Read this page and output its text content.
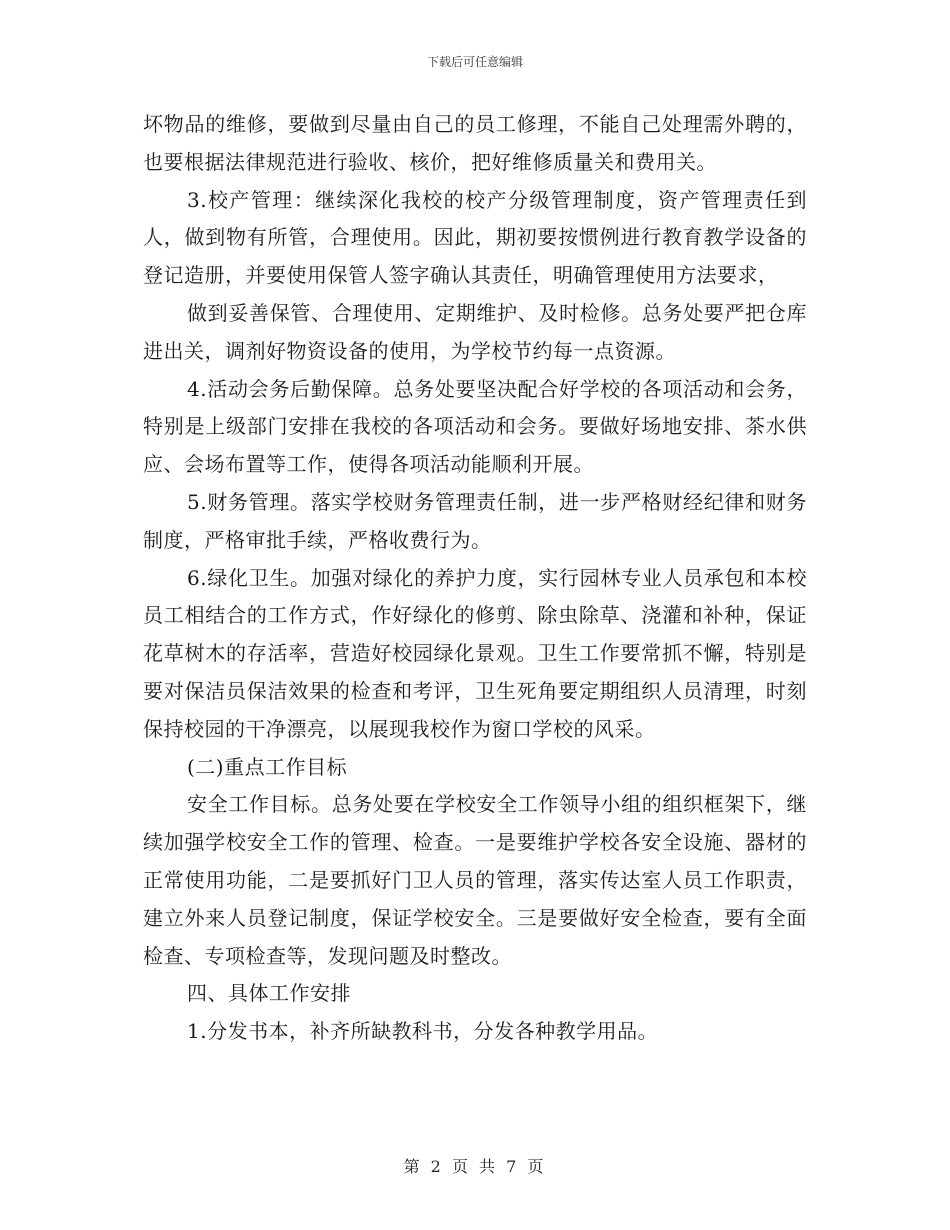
下载后可任意编辑

坏物品的维修，要做到尽量由自己的员工修理，不能自己处理需外聘的，也要根据法律规范进行验收、核价，把好维修质量关和费用关。

3.校产管理：继续深化我校的校产分级管理制度，资产管理责任到人，做到物有所管，合理使用。因此，期初要按惯例进行教育教学设备的登记造册，并要使用保管人签字确认其责任，明确管理使用方法要求，

做到妥善保管、合理使用、定期维护、及时检修。总务处要严把仓库进出关，调剂好物资设备的使用，为学校节约每一点资源。

4.活动会务后勤保障。总务处要坚决配合好学校的各项活动和会务，特别是上级部门安排在我校的各项活动和会务。要做好场地安排、茶水供应、会场布置等工作，使得各项活动能顺利开展。

5.财务管理。落实学校财务管理责任制，进一步严格财经纪律和财务制度，严格审批手续，严格收费行为。

6.绿化卫生。加强对绿化的养护力度，实行园林专业人员承包和本校员工相结合的工作方式，作好绿化的修剪、除虫除草、浇灌和补种，保证花草树木的存活率，营造好校园绿化景观。卫生工作要常抓不懈，特别是要对保洁员保洁效果的检查和考评，卫生死角要定期组织人员清理，时刻保持校园的干净漂亮，以展现我校作为窗口学校的风采。

(二)重点工作目标

安全工作目标。总务处要在学校安全工作领导小组的组织框架下，继续加强学校安全工作的管理、检查。一是要维护学校各安全设施、器材的正常使用功能，二是要抓好门卫人员的管理，落实传达室人员工作职责，建立外来人员登记制度，保证学校安全。三是要做好安全检查，要有全面检查、专项检查等，发现问题及时整改。

四、具体工作安排

1.分发书本，补齐所缺教科书，分发各种教学用品。

第 2 页 共 7 页
